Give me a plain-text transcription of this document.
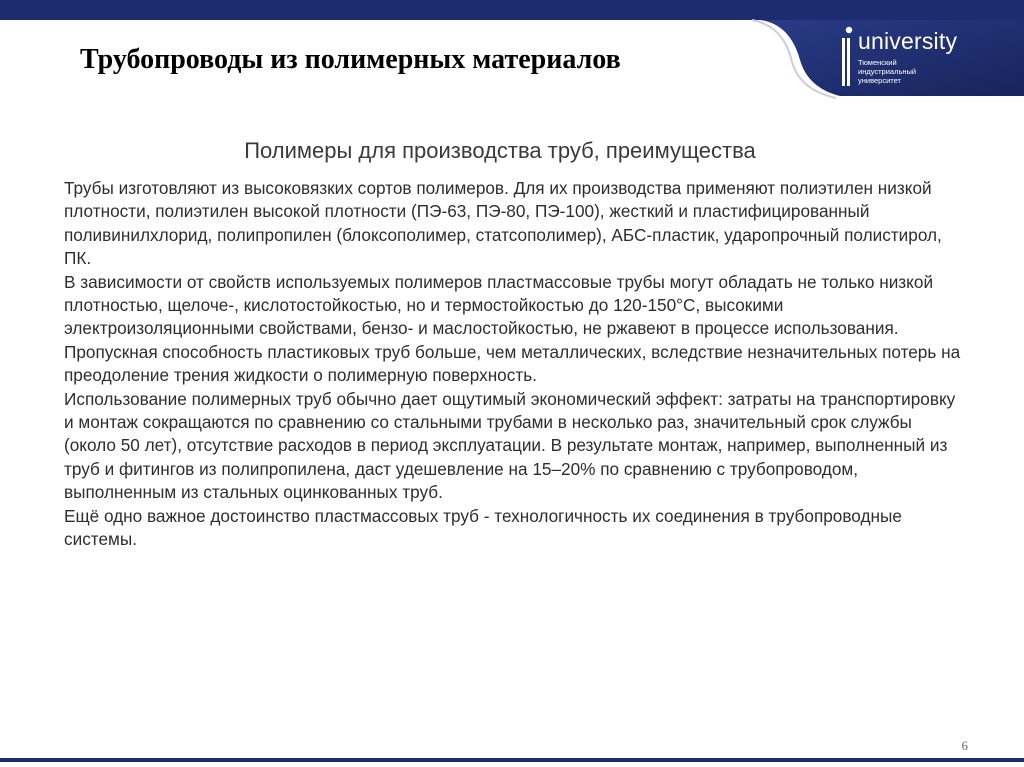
Трубопроводы из полимерных материалов
university
Тюменский
индустриальный
университет
Полимеры для производства труб, преимущества

Трубы изготовляют из высоковязких сортов полимеров. Для их производства применяют полиэтилен низкой плотности, полиэтилен высокой плотности (ПЭ-63, ПЭ-80, ПЭ-100), жесткий и пластифицированный поливинилхлорид, полипропилен (блоксополимер, статсополимер), АБС-пластик, ударопрочный полистирол, ПК.

В зависимости от свойств используемых полимеров пластмассовые трубы могут обладать не только низкой плотностью, щелоче-, кислотостойкостью, но и термостойкостью до 120-150°С, высокими электроизоляционными свойствами, бензо- и маслостойкостью, не ржавеют в процессе использования.

Пропускная способность пластиковых труб больше, чем металлических, вследствие незначительных потерь на преодоление трения жидкости о полимерную поверхность.

Использование полимерных труб обычно дает ощутимый экономический эффект: затраты на транспортировку и монтаж сокращаются по сравнению со стальными трубами в несколько раз, значительный срок службы (около 50 лет), отсутствие расходов в период эксплуатации. В результате монтаж, например, выполненный из труб и фитингов из полипропилена, даст удешевление на 15–20% по сравнению с трубопроводом, выполненным из стальных оцинкованных труб.

Ещё одно важное достоинство пластмассовых труб - технологичность их соединения в трубопроводные системы.

6
